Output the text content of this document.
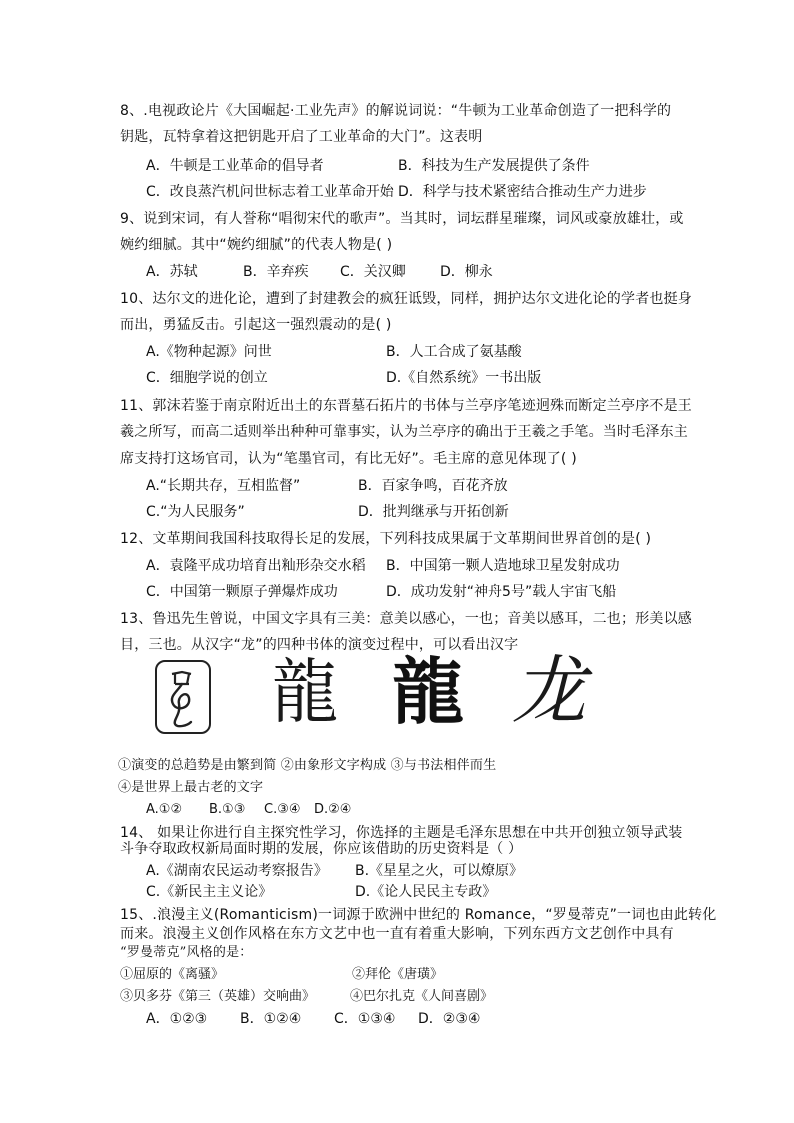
8、.电视政论片《大国崛起·工业先声》的解说词说：“牛顿为工业革命创造了一把科学的
钥匙，瓦特拿着这把钥匙开启了工业革命的大门”。这表明
A．牛顿是工业革命的倡导者	B．科技为生产发展提供了条件
C．改良蒸汽机问世标志着工业革命开始 D．科学与技术紧密结合推动生产力进步
9、说到宋词，有人誉称“唱彻宋代的歌声”。当其时，词坛群星璀璨，词风或豪放雄壮，或
婉约细腻。其中“婉约细腻”的代表人物是( )
A．苏轼	B．辛弃疾 C．关汉卿 D．柳永
10、达尔文的进化论，遭到了封建教会的疯狂诋毁，同样，拥护达尔文进化论的学者也挺身
而出，勇猛反击。引起这一强烈震动的是( )
A.《物种起源》问世	B．人工合成了氨基酸
C．细胞学说的创立	D.《自然系统》一书出版
11、郭沫若鉴于南京附近出土的东晋墓石拓片的书体与兰亭序笔迹迥殊而断定兰亭序不是王
羲之所写，而高二适则举出种种可靠事实，认为兰亭序的确出于王羲之手笔。当时毛泽东主
席支持打这场官司，认为“笔墨官司，有比无好”。毛主席的意见体现了( )
A.“长期共存，互相监督”	B．百家争鸣，百花齐放
C.“为人民服务”	D．批判继承与开拓创新
12、文革期间我国科技取得长足的发展，下列科技成果属于文革期间世界首创的是( )
A．袁隆平成功培育出籼形杂交水稻 B．中国第一颗人造地球卫星发射成功
C．中国第一颗原子弹爆炸成功	D．成功发射“神舟5号”载人宇宙飞船
13、鲁迅先生曾说，中国文字具有三美：意美以感心，一也；音美以感耳，二也；形美以感
目，三也。从汉字“龙”的四种书体的演变过程中，可以看出汉字
龍 龍 龙
①演变的总趋势是由繁到简 ②由象形文字构成 ③与书法相伴而生
④是世界上最古老的文字
A.①② B.①③ C.③④ D.②④
14、 如果让你进行自主探究性学习，你选择的主题是毛泽东思想在中共开创独立领导武装
斗争夺取政权新局面时期的发展，你应该借助的历史资料是（ ）
A.《湖南农民运动考察报告》 B.《星星之火，可以燎原》
C.《新民主主义论》	D.《论人民民主专政》
15、.浪漫主义(Romanticism)一词源于欧洲中世纪的 Romance，“罗曼蒂克”一词也由此转化
而来。浪漫主义创作风格在东方文艺中也一直有着重大影响，下列东西方文艺创作中具有
“罗曼蒂克”风格的是：
①屈原的《离骚》	②拜伦《唐璜》
③贝多芬《第三（英雄）交响曲》	④巴尔扎克《人间喜剧》
A．①②③ B．①②④ C．①③④ D．②③④
